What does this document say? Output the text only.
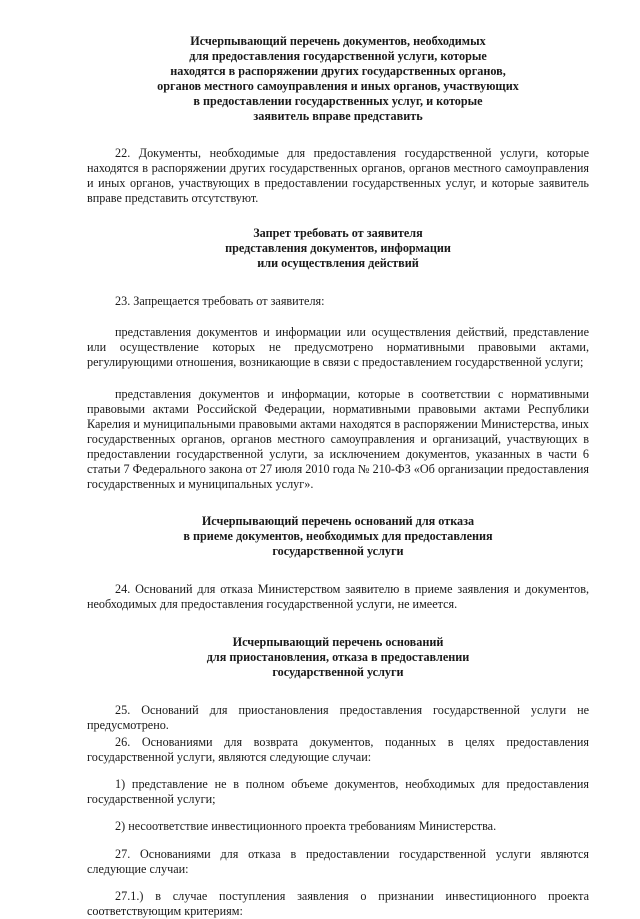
Исчерпывающий перечень документов, необходимых
для предоставления государственной услуги, которые
находятся в распоряжении других государственных органов,
органов местного самоуправления и иных органов, участвующих
в предоставлении государственных услуг, и которые
заявитель вправе представить

22. Документы, необходимые для предоставления государственной услуги, которые находятся в распоряжении других государственных органов, органов местного самоуправления и иных органов, участвующих в предоставлении государственных услуг, и которые заявитель вправе представить отсутствуют.

Запрет требовать от заявителя
представления документов, информации
или осуществления действий

23. Запрещается требовать от заявителя:

представления документов и информации или осуществления действий, представление или осуществление которых не предусмотрено нормативными правовыми актами, регулирующими отношения, возникающие в связи с предоставлением государственной услуги;

представления документов и информации, которые в соответствии с нормативными правовыми актами Российской Федерации, нормативными правовыми актами Республики Карелия и муниципальными правовыми актами находятся в распоряжении Министерства, иных государственных органов, органов местного самоуправления и организаций, участвующих в предоставлении государственной услуги, за исключением документов, указанных в части 6 статьи 7 Федерального закона от 27 июля 2010 года № 210-ФЗ «Об организации предоставления государственных и муниципальных услуг».

Исчерпывающий перечень оснований для отказа
в приеме документов, необходимых для предоставления
государственной услуги

24. Оснований для отказа Министерством заявителю в приеме заявления и документов, необходимых для предоставления государственной услуги, не имеется.

Исчерпывающий перечень оснований
для приостановления, отказа в предоставлении
государственной услуги

25. Оснований для приостановления предоставления государственной услуги не предусмотрено.

26. Основаниями для возврата документов, поданных в целях предоставления государственной услуги, являются следующие случаи:

1) представление не в полном объеме документов, необходимых для предоставления государственной услуги;

2) несоответствие инвестиционного проекта требованиям Министерства.

27. Основаниями для отказа в предоставлении государственной услуги являются следующие случаи:

27.1.) в случае поступления заявления о признании инвестиционного проекта соответствующим критериям:
